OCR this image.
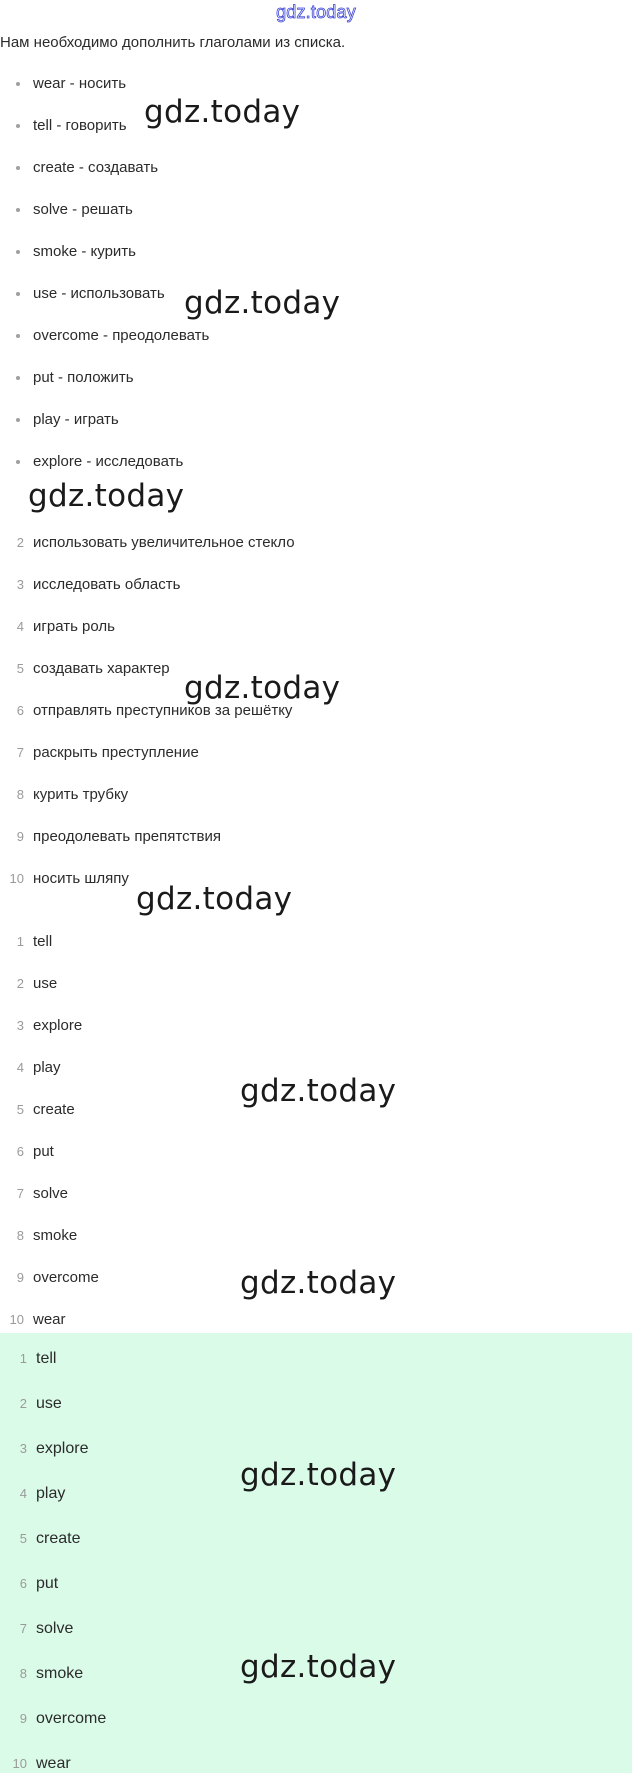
gdz.today
Нам необходимо дополнить глаголами из списка.
wear - носить
tell - говорить
create - создавать
solve - решать
smoke - курить
use - использовать
overcome - преодолевать
put - положить
play - играть
explore - исследовать
2 использовать увеличительное стекло
3 исследовать область
4 играть роль
5 создавать характер
6 отправлять преступников за решётку
7 раскрыть преступление
8 курить трубку
9 преодолевать препятствия
10 носить шляпу
1 tell
2 use
3 explore
4 play
5 create
6 put
7 solve
8 smoke
9 overcome
10 wear
1 tell
2 use
3 explore
4 play
5 create
6 put
7 solve
8 smoke
9 overcome
10 wear
gdz.today
gdz.today
gdz.today
gdz.today
gdz.today
gdz.today
gdz.today
gdz.today
gdz.today
